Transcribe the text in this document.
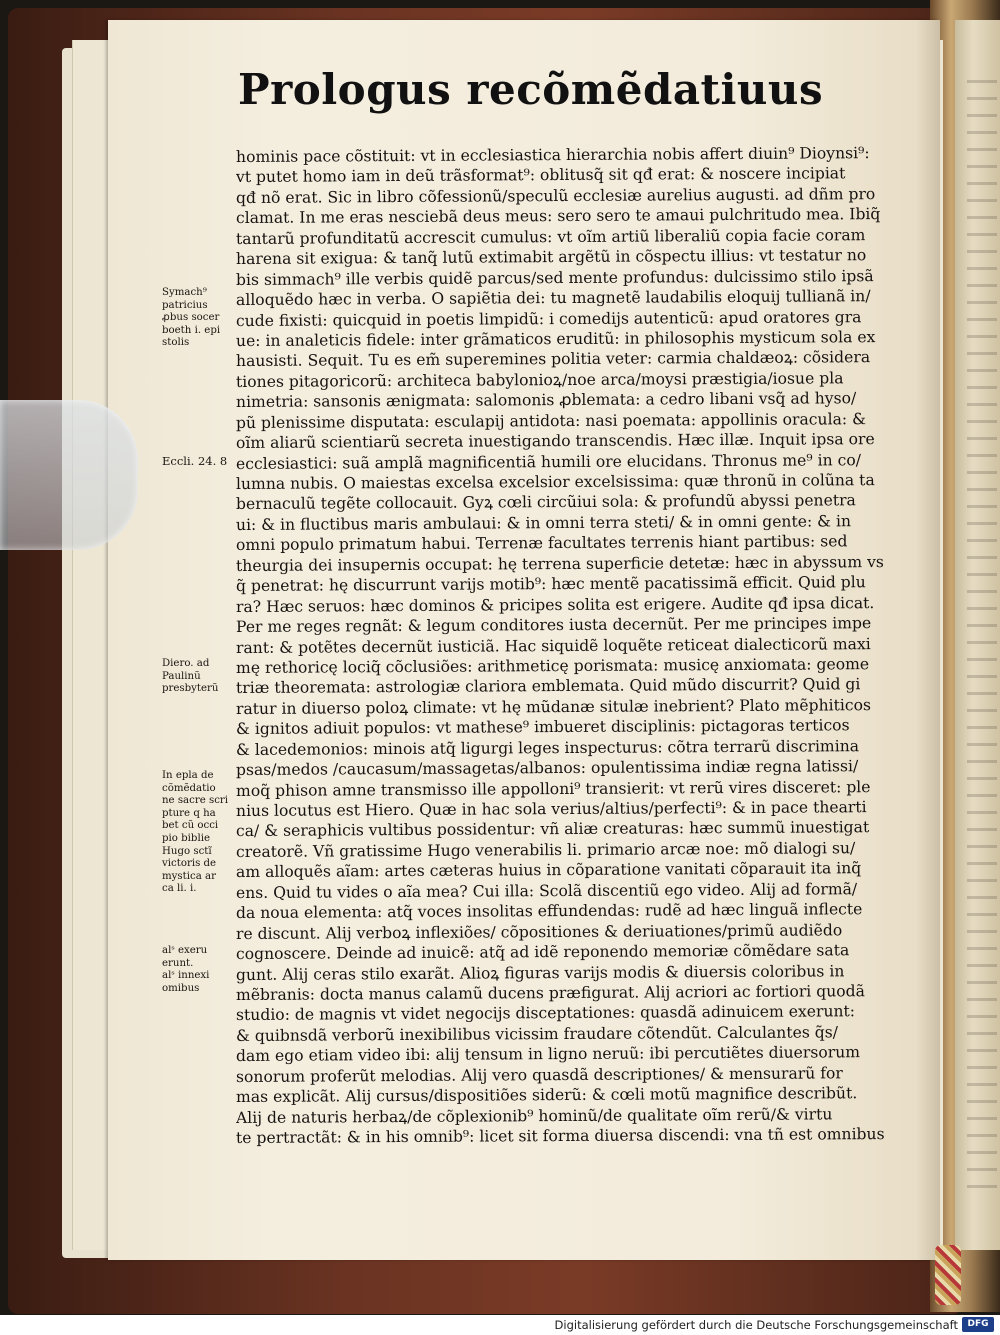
Prologus recõmẽdatiuus
hominis pace cõstituit: vt in ecclesiastica hierarchia nobis affert diuin⁹ Dioynsi⁹:
vt putet homo iam in deũ trãsformat⁹: oblitusq̃ sit qđ erat: & noscere incipiat
qđ nõ erat. Sic in libro cõfessionũ/speculũ ecclesiæ aurelius augusti. ad dñm pro
clamat. In me eras nesciebã deus meus: sero sero te amaui pulchritudo mea. Ibiq̃
tantarũ profunditatũ accrescit cumulus: vt oĩm artiũ liberaliũ copia facie coram
harena sit exigua: & tanq̃ lutũ extimabit argẽtũ in cõspectu illius: vt testatur no
bis simmach⁹ ille verbis quidẽ parcus/sed mente profundus: dulcissimo stilo ipsã
alloquẽdo hæc in verba. O sapiẽtia dei: tu magnetẽ laudabilis eloquij tullianã in/
cude fixisti: quicquid in poetis limpidũ: i comedijs autenticũ: apud oratores gra
ue: in analeticis fidele: inter grãmaticos eruditũ: in philosophis mysticum sola ex
hausisti. Sequit. Tu es em̃ superemines politia veter: carmia chaldæoꝝ: cõsidera
tiones pitagoricorũ: architeca babylonioꝝ/noe arca/moysi præstigia/iosue pla
nimetria: sansonis ænigmata: salomonis ꝓblemata: a cedro libani vsq̃ ad hyso/
pũ plenissime disputata: esculapij antidota: nasi poemata: appollinis oracula: &
oĩm aliarũ scientiarũ secreta inuestigando transcendis. Hæc illæ. Inquit ipsa ore
ecclesiastici: suã amplã magnificentiã humili ore elucidans. Thronus me⁹ in co/
lumna nubis. O maiestas excelsa excelsior excelsissima: quæ thronũ in colũna ta
bernaculũ tegẽte collocauit. Gyꝝ cœli circũiui sola: & profundũ abyssi penetra
ui: & in fluctibus maris ambulaui: & in omni terra steti/ & in omni gente: & in
omni populo primatum habui. Terrenæ facultates terrenis hiant partibus: sed
theurgia dei insupernis occupat: hę terrena superficie detetæ: hæc in abyssum vs
q̃ penetrat: hę discurrunt varijs motib⁹: hæc mentẽ pacatissimã efficit. Quid plu
ra? Hæc seruos: hæc dominos & pricipes solita est erigere. Audite qđ ipsa dicat.
Per me reges regnãt: & legum conditores iusta decernũt. Per me principes impe
rant: & potẽtes decernũt iusticiã. Hac siquidẽ loquẽte reticeat dialecticorũ maxi
mę rethoricę lociq̃ cõclusiões: arithmeticę porismata: musicę anxiomata: geome
triæ theoremata: astrologiæ clariora emblemata. Quid mũdo discurrit? Quid gi
ratur in diuerso poloꝝ climate: vt hę mũdanæ situlæ inebrient? Plato mẽphiticos
& ignitos adiuit populos: vt mathese⁹ imbueret disciplinis: pictagoras terticos
& lacedemonios: minois atq̃ ligurgi leges inspecturus: cõtra terrarũ discrimina
psas/medos /caucasum/massagetas/albanos: opulentissima indiæ regna latissi/
moq̃ phison amne transmisso ille appolloni⁹ transierit: vt rerũ vires disceret: ple
nius locutus est Hiero. Quæ in hac sola verius/altius/perfecti⁹: & in pace thearti
ca/ & seraphicis vultibus possidentur: vñ aliæ creaturas: hæc summũ inuestigat
creatorẽ. Vñ gratissime Hugo venerabilis li. primario arcæ noe: mõ dialogi su/
am alloquẽs aĩam: artes cæteras huius in cõparatione vanitati cõparauit ita inq̃
ens. Quid tu vides o aĩa mea? Cui illa: Scolã discentiũ ego video. Alij ad formã/
da noua elementa: atq̃ voces insolitas effundendas: rudẽ ad hæc linguã inflecte
re discunt. Alij verboꝝ inflexiões/ cõpositiones & deriuationes/primũ audiẽdo
cognoscere. Deinde ad inuicẽ: atq̃ ad idẽ reponendo memoriæ cõmẽdare sata
gunt. Alij ceras stilo exarãt. Alioꝝ figuras varijs modis & diuersis coloribus in
mẽbranis: docta manus calamũ ducens præfigurat. Alij acriori ac fortiori quodã
studio: de magnis vt videt negocijs disceptationes: quasdã adinuicem exerunt:
& quibnsdã verborũ inexibilibus vicissim fraudare cõtendũt. Calculantes q̃s/
dam ego etiam video ibi: alij tensum in ligno neruũ: ibi percutiẽtes diuersorum
sonorum proferũt melodias. Alij vero quasdã descriptiones/ & mensurarũ for
mas explicãt. Alij cursus/dispositiões siderũ: & cœli motũ magnifice describũt.
Alij de naturis herbaꝝ/de cõplexionib⁹ hominũ/de qualitate oĩm rerũ/& virtu
te pertractãt: & in his omnib⁹: licet sit forma diuersa discendi: vna tñ est omnibus
Symach⁹
patricius
ꝓbus socer
boeth i. epi
stolis
Eccli. 24. 8
Diero. ad
Paulinũ
presbyterũ
In epla de
cõmẽdatio
ne sacre scri
pture q ha
bet cũ occi
pio biblie
Hugo sctĩ
victoris de
mystica ar
ca li. i.
alˢ exeru
erunt.
alˢ innexi
omibus
Digitalisierung gefördert durch die Deutsche Forschungsgemeinschaft	DFG
